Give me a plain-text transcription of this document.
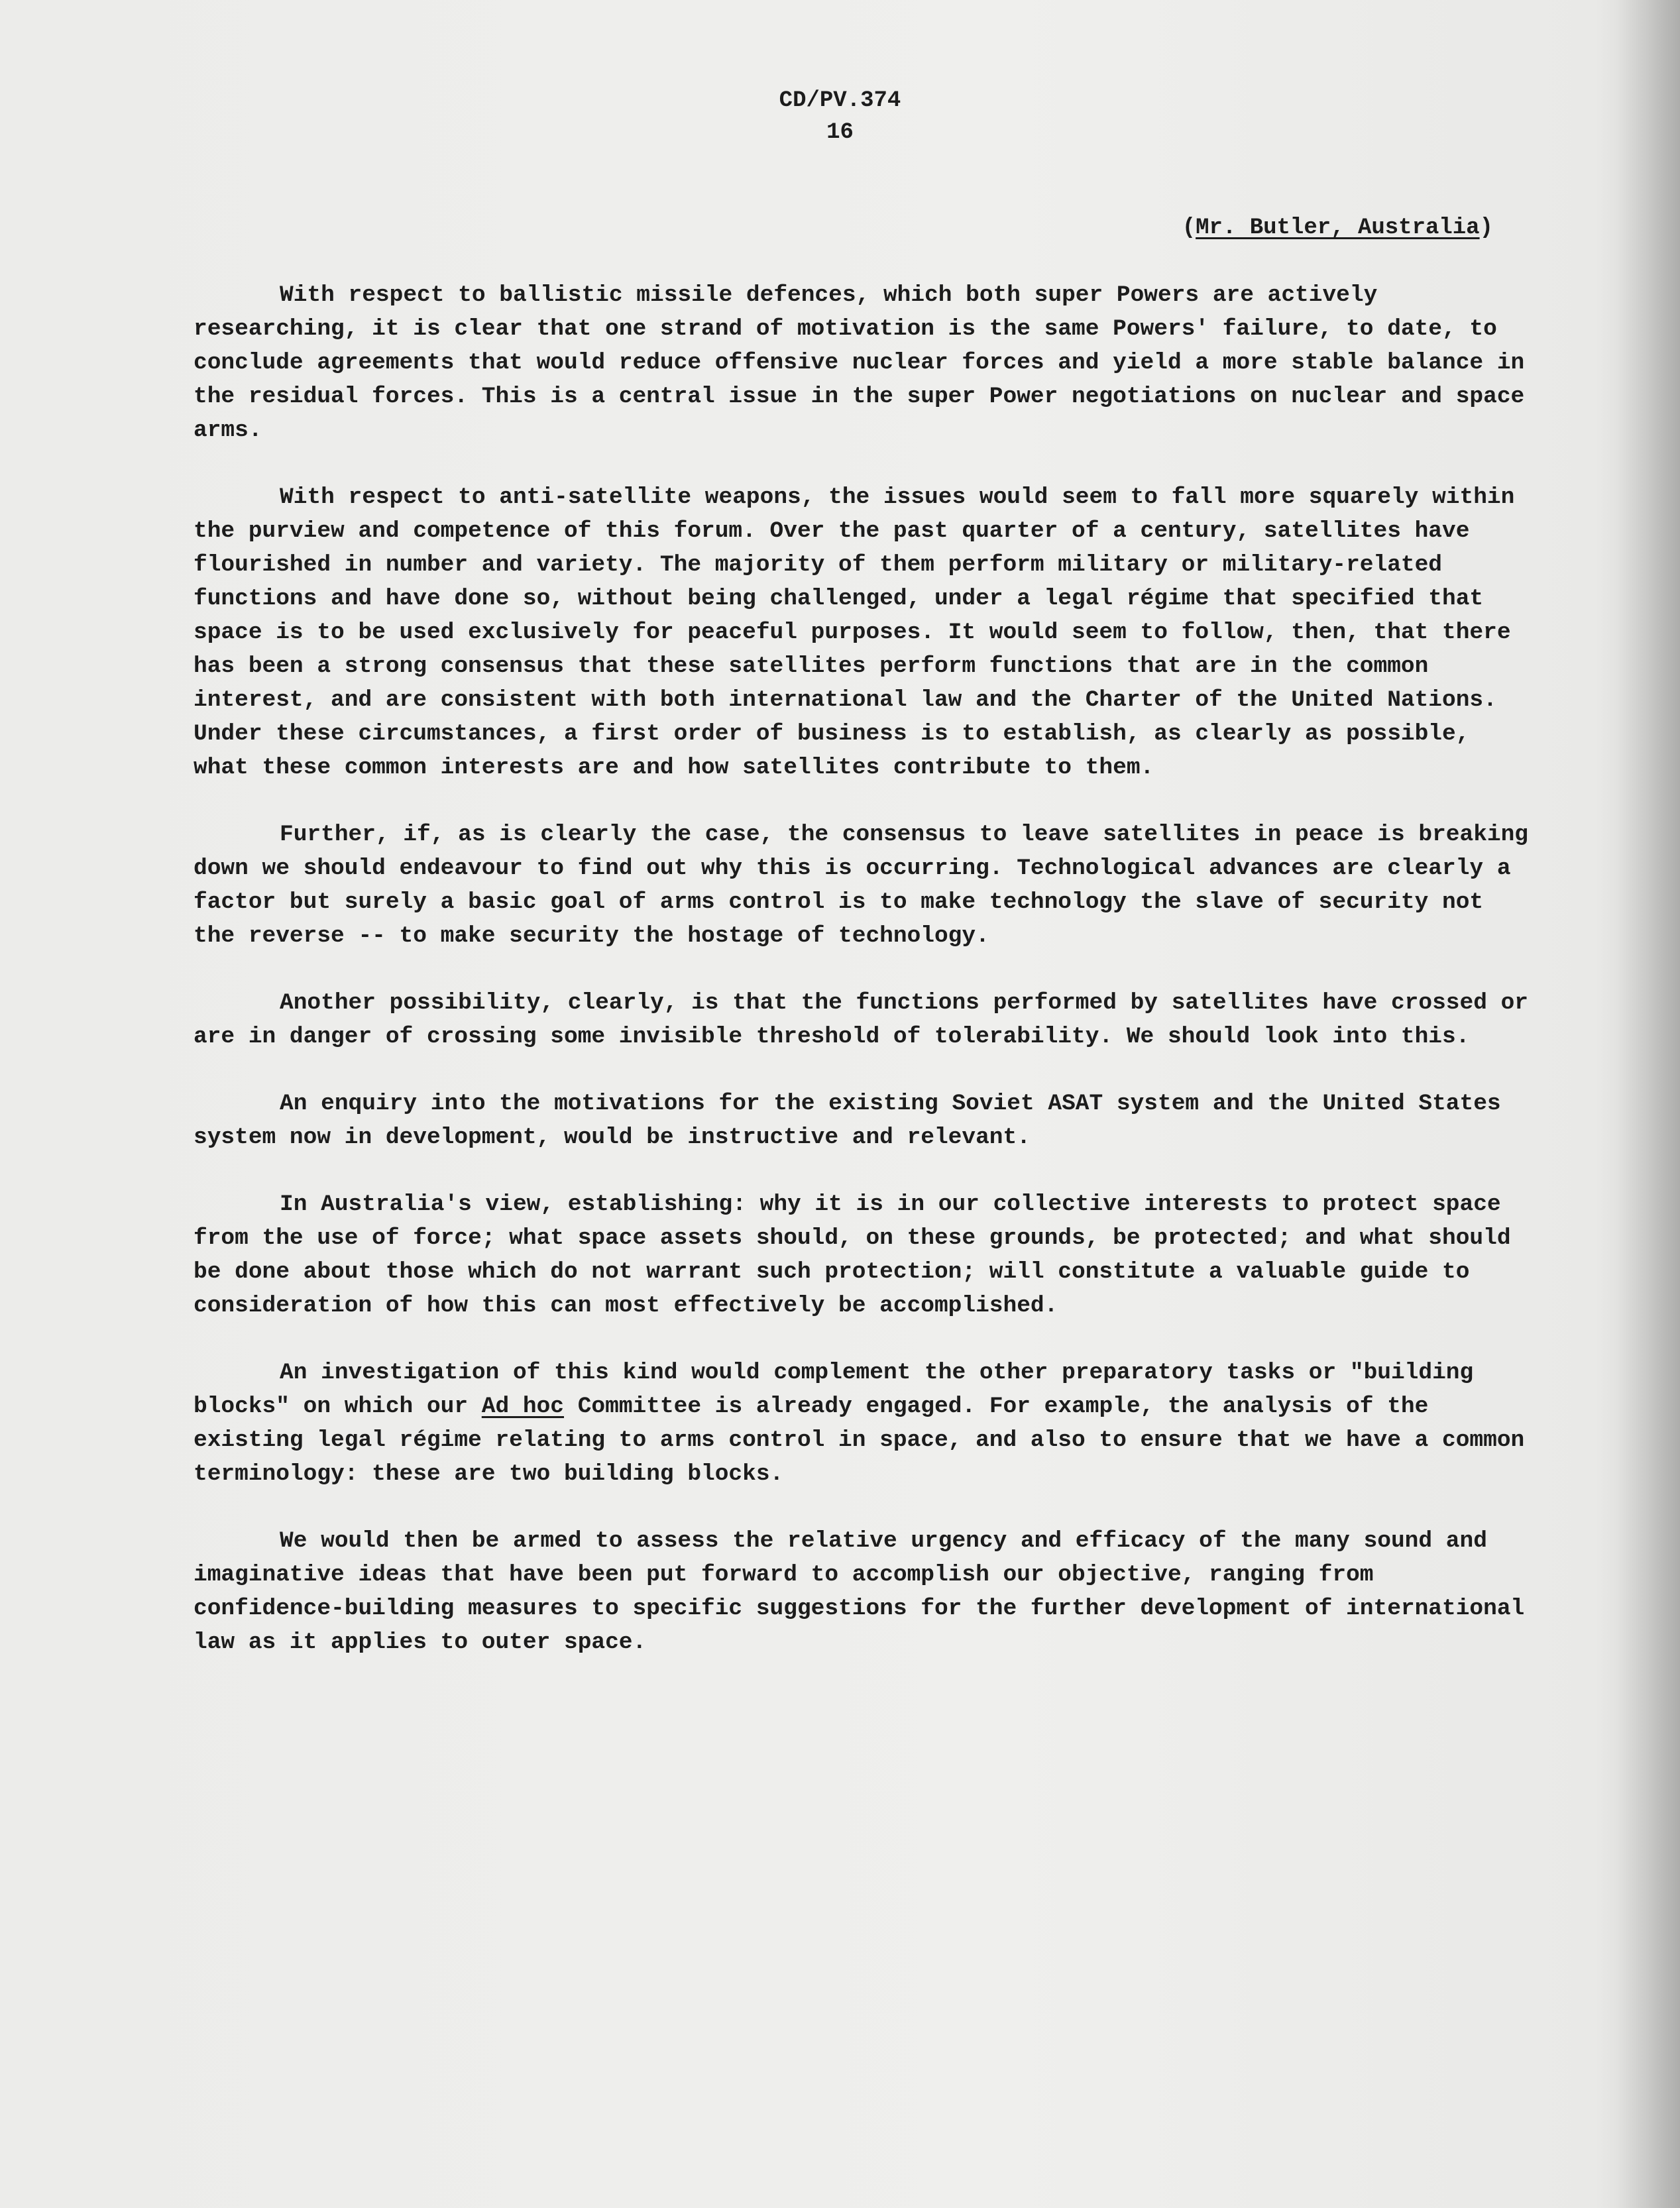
CD/PV.374
16
(Mr. Butler, Australia)

With respect to ballistic missile defences, which both super Powers are actively researching, it is clear that one strand of motivation is the same Powers' failure, to date, to conclude agreements that would reduce offensive nuclear forces and yield a more stable balance in the residual forces. This is a central issue in the super Power negotiations on nuclear and space arms.

With respect to anti-satellite weapons, the issues would seem to fall more squarely within the purview and competence of this forum. Over the past quarter of a century, satellites have flourished in number and variety. The majority of them perform military or military-related functions and have done so, without being challenged, under a legal régime that specified that space is to be used exclusively for peaceful purposes. It would seem to follow, then, that there has been a strong consensus that these satellites perform functions that are in the common interest, and are consistent with both international law and the Charter of the United Nations. Under these circumstances, a first order of business is to establish, as clearly as possible, what these common interests are and how satellites contribute to them.

Further, if, as is clearly the case, the consensus to leave satellites in peace is breaking down we should endeavour to find out why this is occurring. Technological advances are clearly a factor but surely a basic goal of arms control is to make technology the slave of security not the reverse -- to make security the hostage of technology.

Another possibility, clearly, is that the functions performed by satellites have crossed or are in danger of crossing some invisible threshold of tolerability. We should look into this.

An enquiry into the motivations for the existing Soviet ASAT system and the United States system now in development, would be instructive and relevant.

In Australia's view, establishing: why it is in our collective interests to protect space from the use of force; what space assets should, on these grounds, be protected; and what should be done about those which do not warrant such protection; will constitute a valuable guide to consideration of how this can most effectively be accomplished.

An investigation of this kind would complement the other preparatory tasks or "building blocks" on which our Ad hoc Committee is already engaged. For example, the analysis of the existing legal régime relating to arms control in space, and also to ensure that we have a common terminology: these are two building blocks.

We would then be armed to assess the relative urgency and efficacy of the many sound and imaginative ideas that have been put forward to accomplish our objective, ranging from confidence-building measures to specific suggestions for the further development of international law as it applies to outer space.
